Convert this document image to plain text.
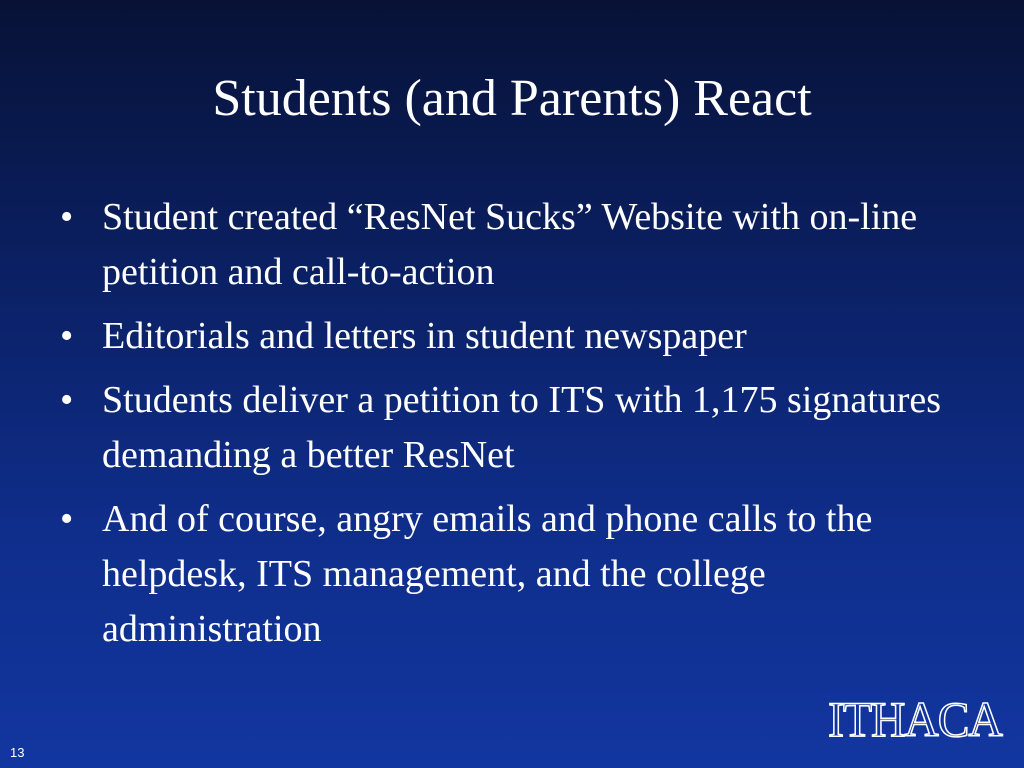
Students (and Parents) React
• Student created “ResNet Sucks” Website with on-line petition and call-to-action
• Editorials and letters in student newspaper
• Students deliver a petition to ITS with 1,175 signatures demanding a better ResNet
• And of course, angry emails and phone calls to the helpdesk, ITS management, and the college administration
ITHACA
13
